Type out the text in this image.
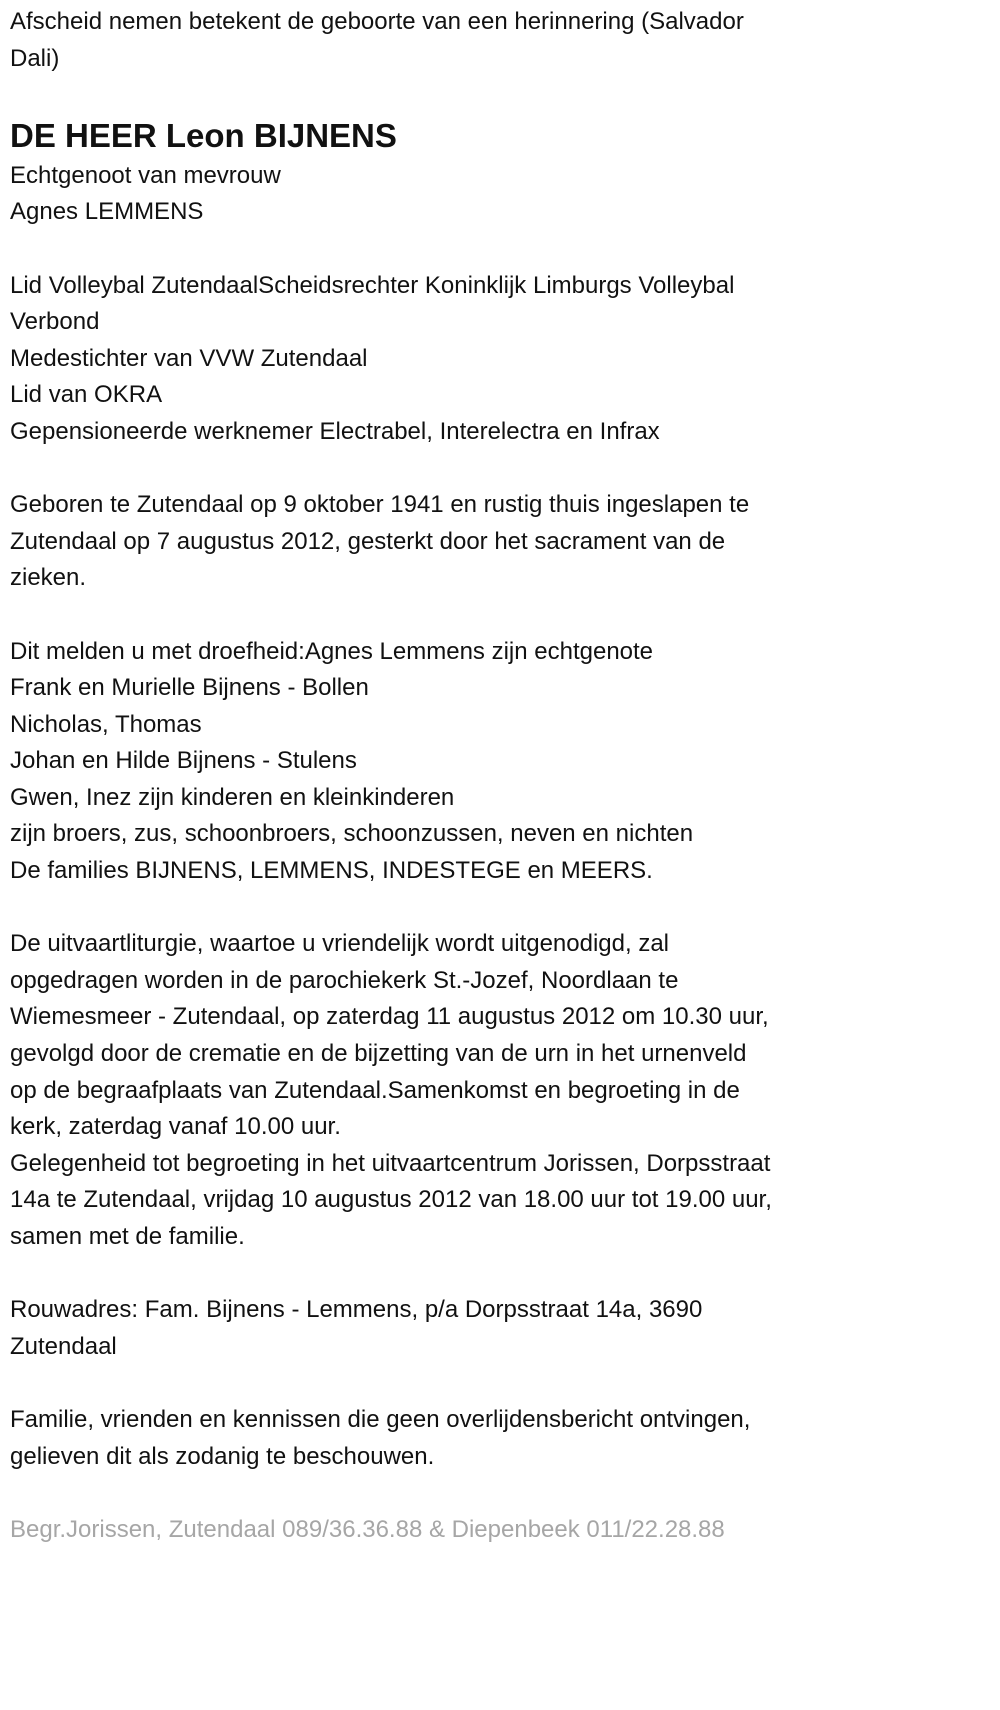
Afscheid nemen betekent de geboorte van een herinnering (Salvador
Dali)
DE HEER Leon BIJNENS
Echtgenoot van mevrouw
Agnes LEMMENS
Lid Volleybal ZutendaalScheidsrechter Koninklijk Limburgs Volleybal
Verbond
Medestichter van VVW Zutendaal
Lid van OKRA
Gepensioneerde werknemer Electrabel, Interelectra en Infrax
Geboren te Zutendaal op 9 oktober 1941 en rustig thuis ingeslapen te
Zutendaal op 7 augustus 2012, gesterkt door het sacrament van de
zieken.
Dit melden u met droefheid:Agnes Lemmens zijn echtgenote
Frank en Murielle Bijnens - Bollen
Nicholas, Thomas
Johan en Hilde Bijnens - Stulens
Gwen, Inez zijn kinderen en kleinkinderen
zijn broers, zus, schoonbroers, schoonzussen, neven en nichten
De families BIJNENS, LEMMENS, INDESTEGE en MEERS.
De uitvaartliturgie, waartoe u vriendelijk wordt uitgenodigd, zal
opgedragen worden in de parochiekerk St.-Jozef, Noordlaan te
Wiemesmeer - Zutendaal, op zaterdag 11 augustus 2012 om 10.30 uur,
gevolgd door de crematie en de bijzetting van de urn in het urnenveld
op de begraafplaats van Zutendaal.Samenkomst en begroeting in de
kerk, zaterdag vanaf 10.00 uur.
Gelegenheid tot begroeting in het uitvaartcentrum Jorissen, Dorpsstraat
14a te Zutendaal, vrijdag 10 augustus 2012 van 18.00 uur tot 19.00 uur,
samen met de familie.
Rouwadres: Fam. Bijnens - Lemmens, p/a Dorpsstraat 14a, 3690
Zutendaal
Familie, vrienden en kennissen die geen overlijdensbericht ontvingen,
gelieven dit als zodanig te beschouwen.
Begr.Jorissen, Zutendaal 089/36.36.88 & Diepenbeek 011/22.28.88
